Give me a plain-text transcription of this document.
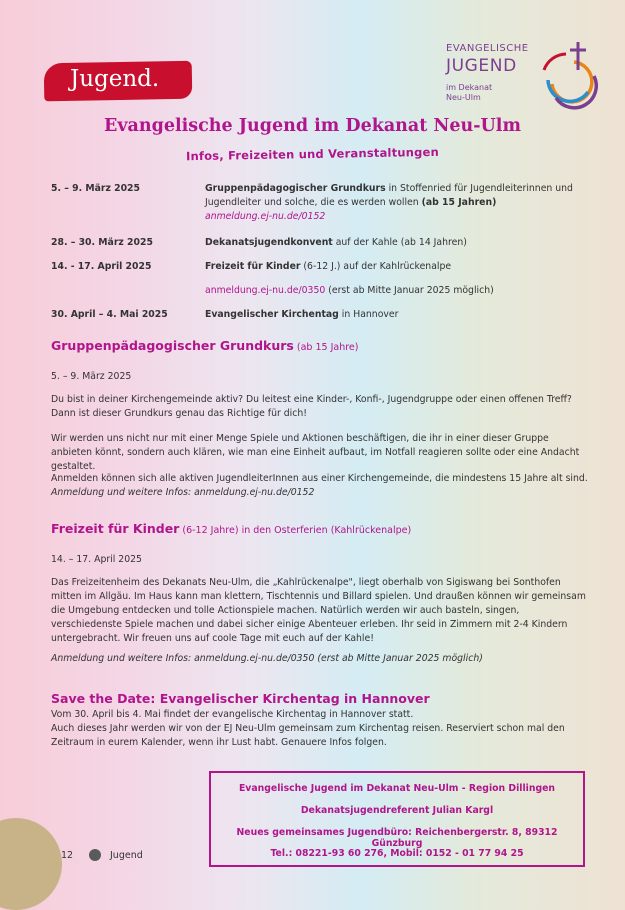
Jugend.
EVANGELISCHE
JUGEND
im Dekanat
Neu-Ulm
Evangelische Jugend im Dekanat Neu-Ulm
Infos, Freizeiten und Veranstaltungen
5. – 9. März 2025	Gruppenpädagogischer Grundkurs in Stoffenried für Jugendleiterinnen und Jugendleiter und solche, die es werden wollen (ab 15 Jahren)
anmeldung.ej-nu.de/0152
28. – 30. März 2025	Dekanatsjugendkonvent auf der Kahle (ab 14 Jahren)
14. - 17. April 2025	Freizeit für Kinder (6-12 J.) auf der Kahlrückenalpe
anmeldung.ej-nu.de/0350 (erst ab Mitte Januar 2025 möglich)
30. April – 4. Mai 2025	Evangelischer Kirchentag in Hannover
Gruppenpädagogischer Grundkurs (ab 15 Jahre)
5. – 9. März 2025
Du bist in deiner Kirchengemeinde aktiv? Du leitest eine Kinder-, Konfi-, Jugendgruppe oder einen offenen Treff? Dann ist dieser Grundkurs genau das Richtige für dich!
Wir werden uns nicht nur mit einer Menge Spiele und Aktionen beschäftigen, die ihr in einer dieser Gruppe anbieten könnt, sondern auch klären, wie man eine Einheit aufbaut, im Notfall reagieren sollte oder eine Andacht gestaltet.
Anmelden können sich alle aktiven JugendleiterInnen aus einer Kirchengemeinde, die mindestens 15 Jahre alt sind.
Anmeldung und weitere Infos: anmeldung.ej-nu.de/0152
Freizeit für Kinder (6-12 Jahre) in den Osterferien (Kahlrückenalpe)
14. – 17. April 2025
Das Freizeitenheim des Dekanats Neu-Ulm, die „Kahlrückenalpe", liegt oberhalb von Sigiswang bei Sonthofen mitten im Allgäu. Im Haus kann man klettern, Tischtennis und Billard spielen. Und draußen können wir gemeinsam die Umgebung entdecken und tolle Actionspiele machen. Natürlich werden wir auch basteln, singen, verschiedenste Spiele machen und dabei sicher einige Abenteuer erleben. Ihr seid in Zimmern mit 2-4 Kindern untergebracht. Wir freuen uns auf coole Tage mit euch auf der Kahle!
Anmeldung und weitere Infos: anmeldung.ej-nu.de/0350 (erst ab Mitte Januar 2025 möglich)
Save the Date: Evangelischer Kirchentag in Hannover
Vom 30. April bis 4. Mai findet der evangelische Kirchentag in Hannover statt.
Auch dieses Jahr werden wir von der EJ Neu-Ulm gemeinsam zum Kirchentag reisen. Reserviert schon mal den Zeitraum in eurem Kalender, wenn ihr Lust habt. Genauere Infos folgen.
Evangelische Jugend im Dekanat Neu-Ulm - Region Dillingen
Dekanatsjugendreferent Julian Kargl
Neues gemeinsames Jugendbüro: Reichenbergerstr. 8, 89312 Günzburg
Tel.: 08221-93 60 276, Mobil: 0152 - 01 77 94 25
12	Jugend
